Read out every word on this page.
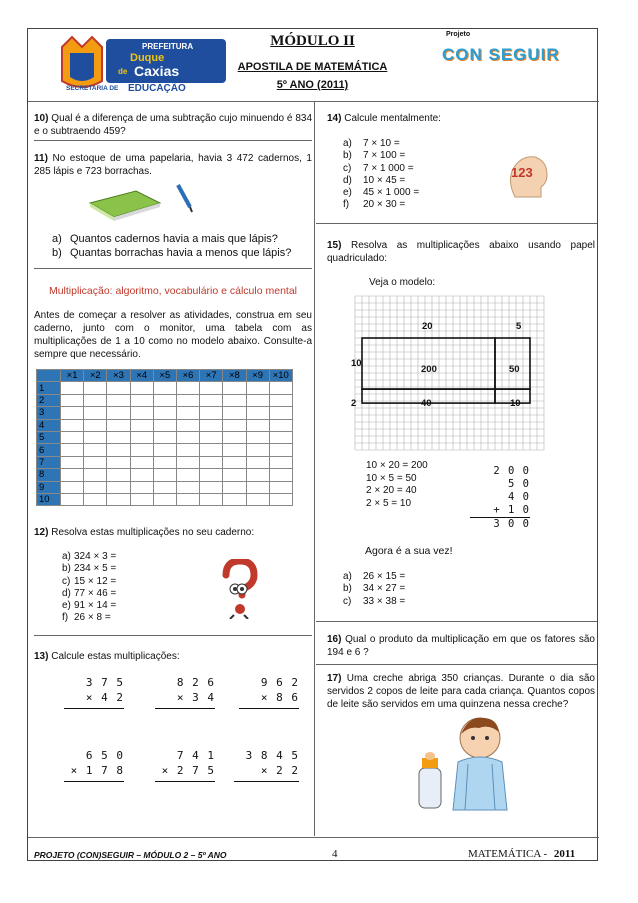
PREFEITURA
Duque
de Caxias
SECRETARIA DE EDUCAÇÃO
MÓDULO II
APOSTILA DE MATEMÁTICA
5º ANO (2011)
Projeto
CON SEGUIR
10) Qual é a diferença de uma subtração cujo minuendo é 834 e o subtraendo 459?
11) No estoque de uma papelaria, havia 3 472 cadernos, 1 285 lápis e 723 borrachas.
a) Quantos cadernos havia a mais que lápis?
b) Quantas borrachas havia a menos que lápis?
Multiplicação: algoritmo, vocabulário e cálculo mental
Antes de começar a resolver as atividades, construa em seu caderno, junto com o monitor, uma tabela com as multiplicações de 1 a 10 como no modelo abaixo. Consulte-a sempre que necessário.
	×1	×2	×3	×4	×5	×6	×7	×8	×9	×10
1										
2										
3										
4										
5										
6										
7										
8										
9										
10										
12) Resolva estas multiplicações no seu caderno:
a) 324 × 3 =
b) 234 × 5 =
c) 15 × 12 =
d) 77 × 46 =
e) 91 × 14 =
f) 26 × 8 =
13) Calcule estas multiplicações:
3 7 5
× 4 2
8 2 6
× 3 4
9 6 2
× 8 6
6 5 0
× 1 7 8
7 4 1
× 2 7 5
3 8 4 5
× 2 2
14) Calcule mentalmente:
a)	7 × 10 =
b)	7 × 100 =
c)	7 × 1 000 =
d)	10 × 45 =
e)	45 × 1 000 =
f)	20 × 30 =
123
15) Resolva as multiplicações abaixo usando papel quadriculado:
Veja o modelo:
20	5
10
2
200	50
40	10
10 × 20 = 200
10 × 5 = 50
2 × 20 = 40
2 × 5 = 10
2 0 0
5 0
4 0
+ 1 0
3 0 0
Agora é a sua vez!
a)	26 × 15 =
b)	34 × 27 =
c)	33 × 38 =
16) Qual o produto da multiplicação em que os fatores são 194 e 6 ?
17) Uma creche abriga 350 crianças. Durante o dia são servidos 2 copos de leite para cada criança. Quantos copos de leite são servidos em uma quinzena nessa creche?
PROJETO (CON)SEGUIR – MÓDULO 2 – 5º ANO	4	MATEMÁTICA - 2011
